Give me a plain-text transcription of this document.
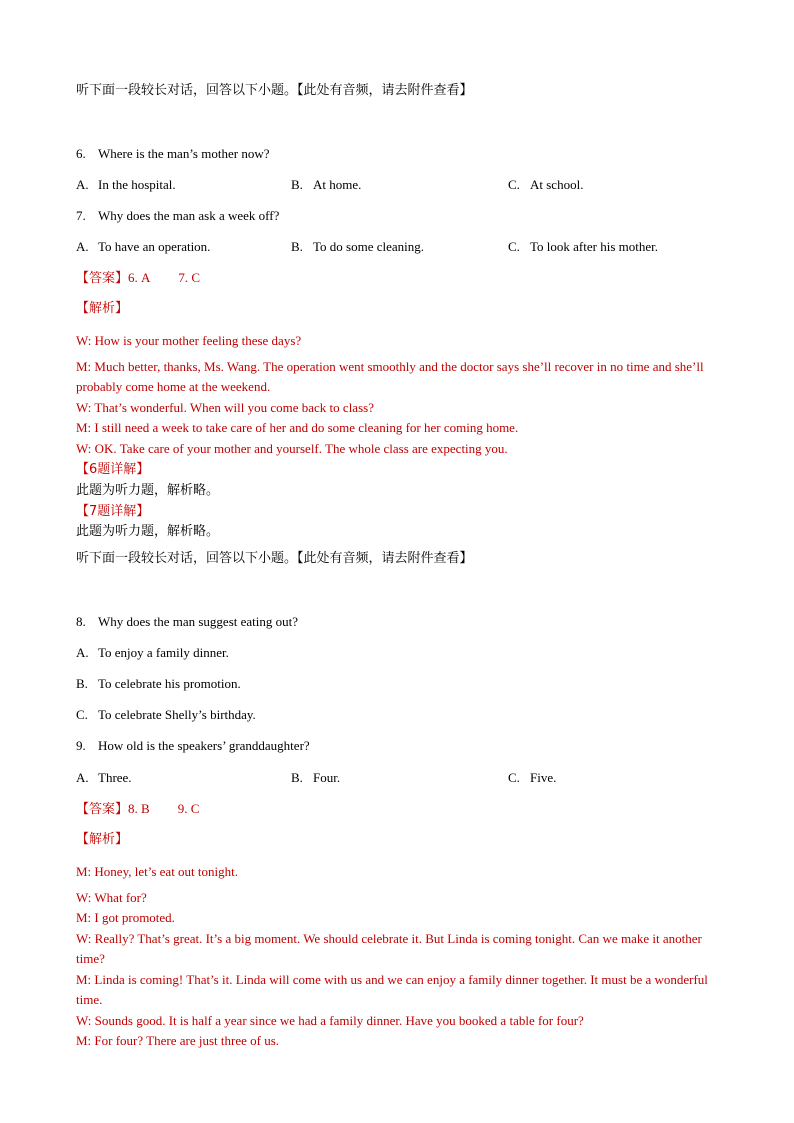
听下面一段较长对话，回答以下小题。【此处有音频，请去附件查看】
6. Where is the man’s mother now?
A. In the hospital.	B. At home.	C. At school.
7. Why does the man ask a week off?
A. To have an operation.	B. To do some cleaning.	C. To look after his mother.
【答案】6. A 7. C
【解析】
W: How is your mother feeling these days?
M: Much better, thanks, Ms. Wang. The operation went smoothly and the doctor says she’ll recover in no time and she’ll probably come home at the weekend.
W: That’s wonderful. When will you come back to class?
M: I still need a week to take care of her and do some cleaning for her coming home.
W: OK. Take care of your mother and yourself. The whole class are expecting you.
【6题详解】
此题为听力题，解析略。
【7题详解】
此题为听力题，解析略。
听下面一段较长对话，回答以下小题。【此处有音频，请去附件查看】
8. Why does the man suggest eating out?
A. To enjoy a family dinner.
B. To celebrate his promotion.
C. To celebrate Shelly’s birthday.
9. How old is the speakers’ granddaughter?
A. Three.	B. Four.	C. Five.
【答案】8. B 9. C
【解析】
M: Honey, let’s eat out tonight.
W: What for?
M: I got promoted.
W: Really? That’s great. It’s a big moment. We should celebrate it. But Linda is coming tonight. Can we make it another time?
M: Linda is coming! That’s it. Linda will come with us and we can enjoy a family dinner together. It must be a wonderful time.
W: Sounds good. It is half a year since we had a family dinner. Have you booked a table for four?
M: For four? There are just three of us.
